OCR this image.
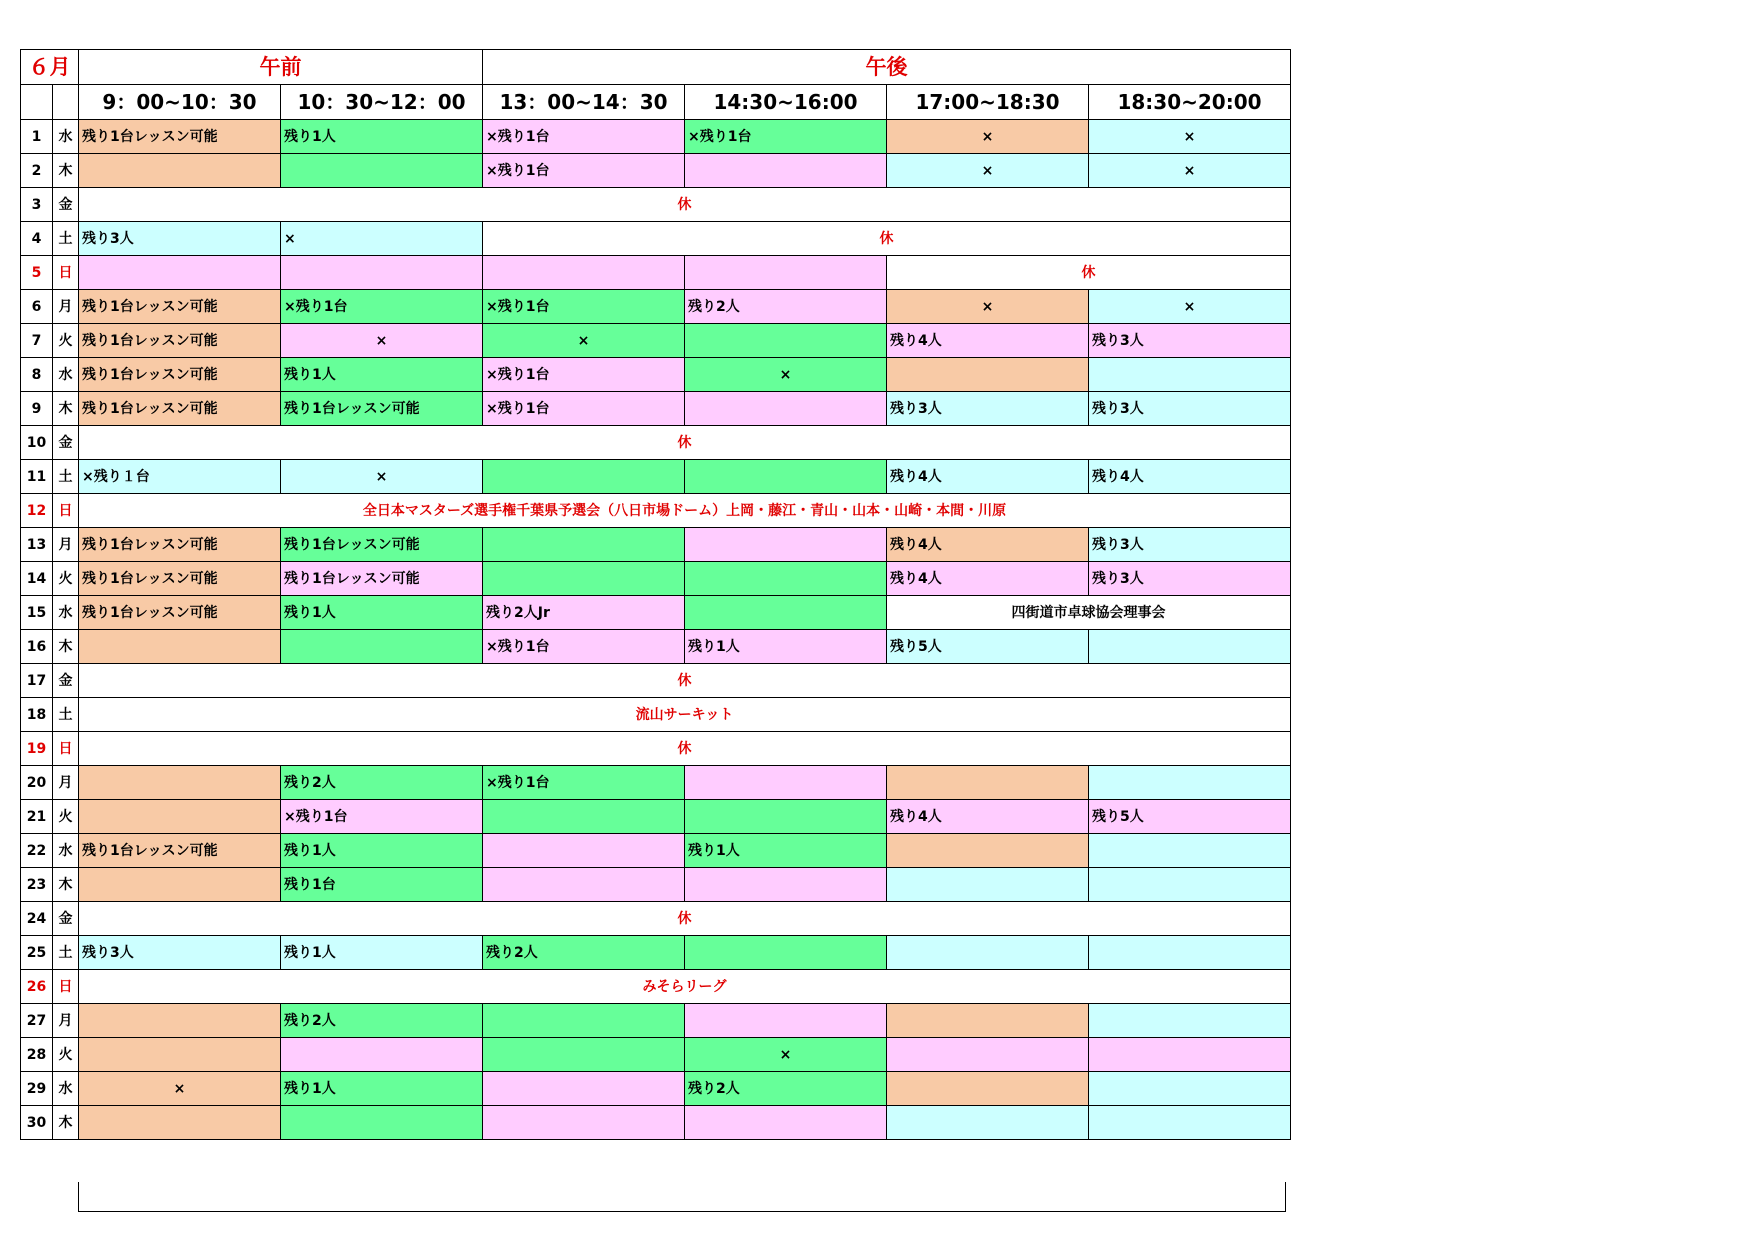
６月		午前		午後			
		9：00~10：30	10：30~12：00	13：00~14：30	14:30~16:00	17:00~18:30	18:30~20:00
1	水	残り1台レッスン可能	残り1人	×残り1台	×残り1台	×	×
2	木			×残り1台		×	×
3	金	休					
4	土	残り3人	×	休			
5	日					休	
6	月	残り1台レッスン可能	×残り1台	×残り1台	残り2人	×	×
7	火	残り1台レッスン可能	×	×		残り4人	残り3人
8	水	残り1台レッスン可能	残り1人	×残り1台	×		
9	木	残り1台レッスン可能	残り1台レッスン可能	×残り1台		残り3人	残り3人
10	金	休					
11	土	×残り１台	×			残り4人	残り4人
12	日	全日本マスターズ選手権千葉県予選会（八日市場ドーム）上岡・藤江・青山・山本・山崎・本間・川原					
13	月	残り1台レッスン可能	残り1台レッスン可能			残り4人	残り3人
14	火	残り1台レッスン可能	残り1台レッスン可能			残り4人	残り3人
15	水	残り1台レッスン可能	残り1人	残り2人Jr		四街道市卓球協会理事会	
16	木			×残り1台	残り1人	残り5人	
17	金	休					
18	土	流山サーキット					
19	日	休					
20	月		残り2人	×残り1台			
21	火		×残り1台			残り4人	残り5人
22	水	残り1台レッスン可能	残り1人		残り1人		
23	木		残り1台				
24	金	休					
25	土	残り3人	残り1人	残り2人			
26	日	みそらリーグ					
27	月		残り2人				
28	火				×		
29	水	×	残り1人		残り2人		
30	木						
